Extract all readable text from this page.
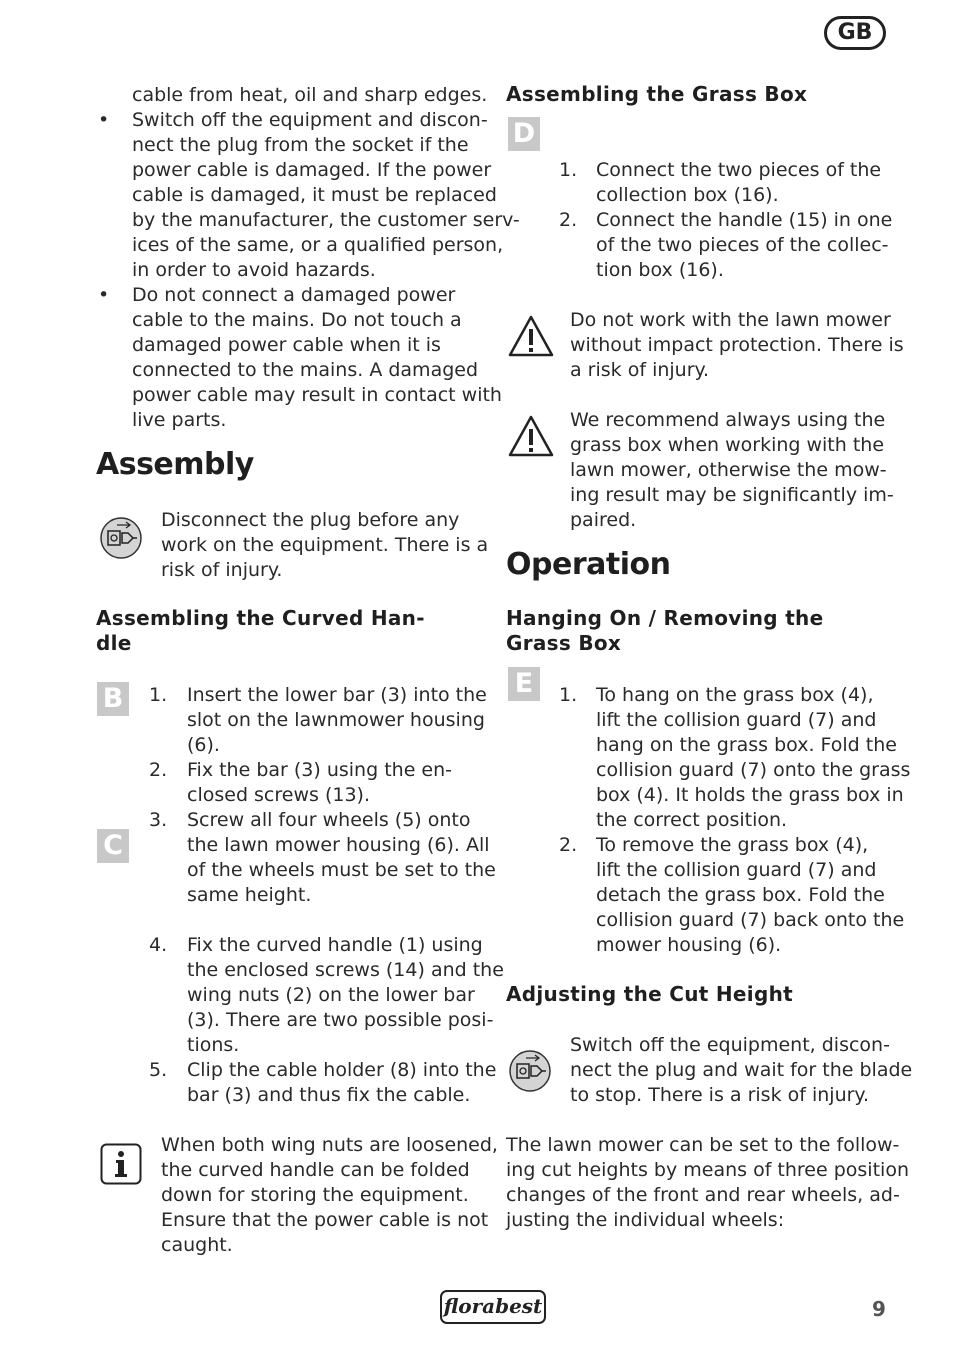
GB
cable from heat, oil and sharp edges.
• Switch off the equipment and discon-
nect the plug from the socket if the
power cable is damaged. If the power
cable is damaged, it must be replaced
by the manufacturer, the customer serv-
ices of the same, or a qualified person,
in order to avoid hazards.
• Do not connect a damaged power
cable to the mains. Do not touch a
damaged power cable when it is
connected to the mains. A damaged
power cable may result in contact with
live parts.
Assembly
Disconnect the plug before any
work on the equipment. There is a
risk of injury.
Assembling the Curved Han-
dle
B
C
1. Insert the lower bar (3) into the
slot on the lawnmower housing
(6).
2. Fix the bar (3) using the en-
closed screws (13).
3. Screw all four wheels (5) onto
the lawn mower housing (6). All
of the wheels must be set to the
same height.
4. Fix the curved handle (1) using
the enclosed screws (14) and the
wing nuts (2) on the lower bar
(3). There are two possible posi-
tions.
5. Clip the cable holder (8) into the
bar (3) and thus fix the cable.
When both wing nuts are loosened,
the curved handle can be folded
down for storing the equipment.
Ensure that the power cable is not
caught.
Assembling the Grass Box
D
1. Connect the two pieces of the
collection box (16).
2. Connect the handle (15) in one
of the two pieces of the collec-
tion box (16).
Do not work with the lawn mower
without impact protection. There is
a risk of injury.
We recommend always using the
grass box when working with the
lawn mower, otherwise the mow-
ing result may be significantly im-
paired.
Operation
Hanging On / Removing the
Grass Box
E	1. To hang on the grass box (4),
lift the collision guard (7) and
hang on the grass box. Fold the
collision guard (7) onto the grass
box (4). It holds the grass box in
the correct position.
2. To remove the grass box (4),
lift the collision guard (7) and
detach the grass box. Fold the
collision guard (7) back onto the
mower housing (6).
Adjusting the Cut Height
Switch off the equipment, discon-
nect the plug and wait for the blade
to stop. There is a risk of injury.
The lawn mower can be set to the follow-
ing cut heights by means of three position
changes of the front and rear wheels, ad-
justing the individual wheels:
florabest	9
